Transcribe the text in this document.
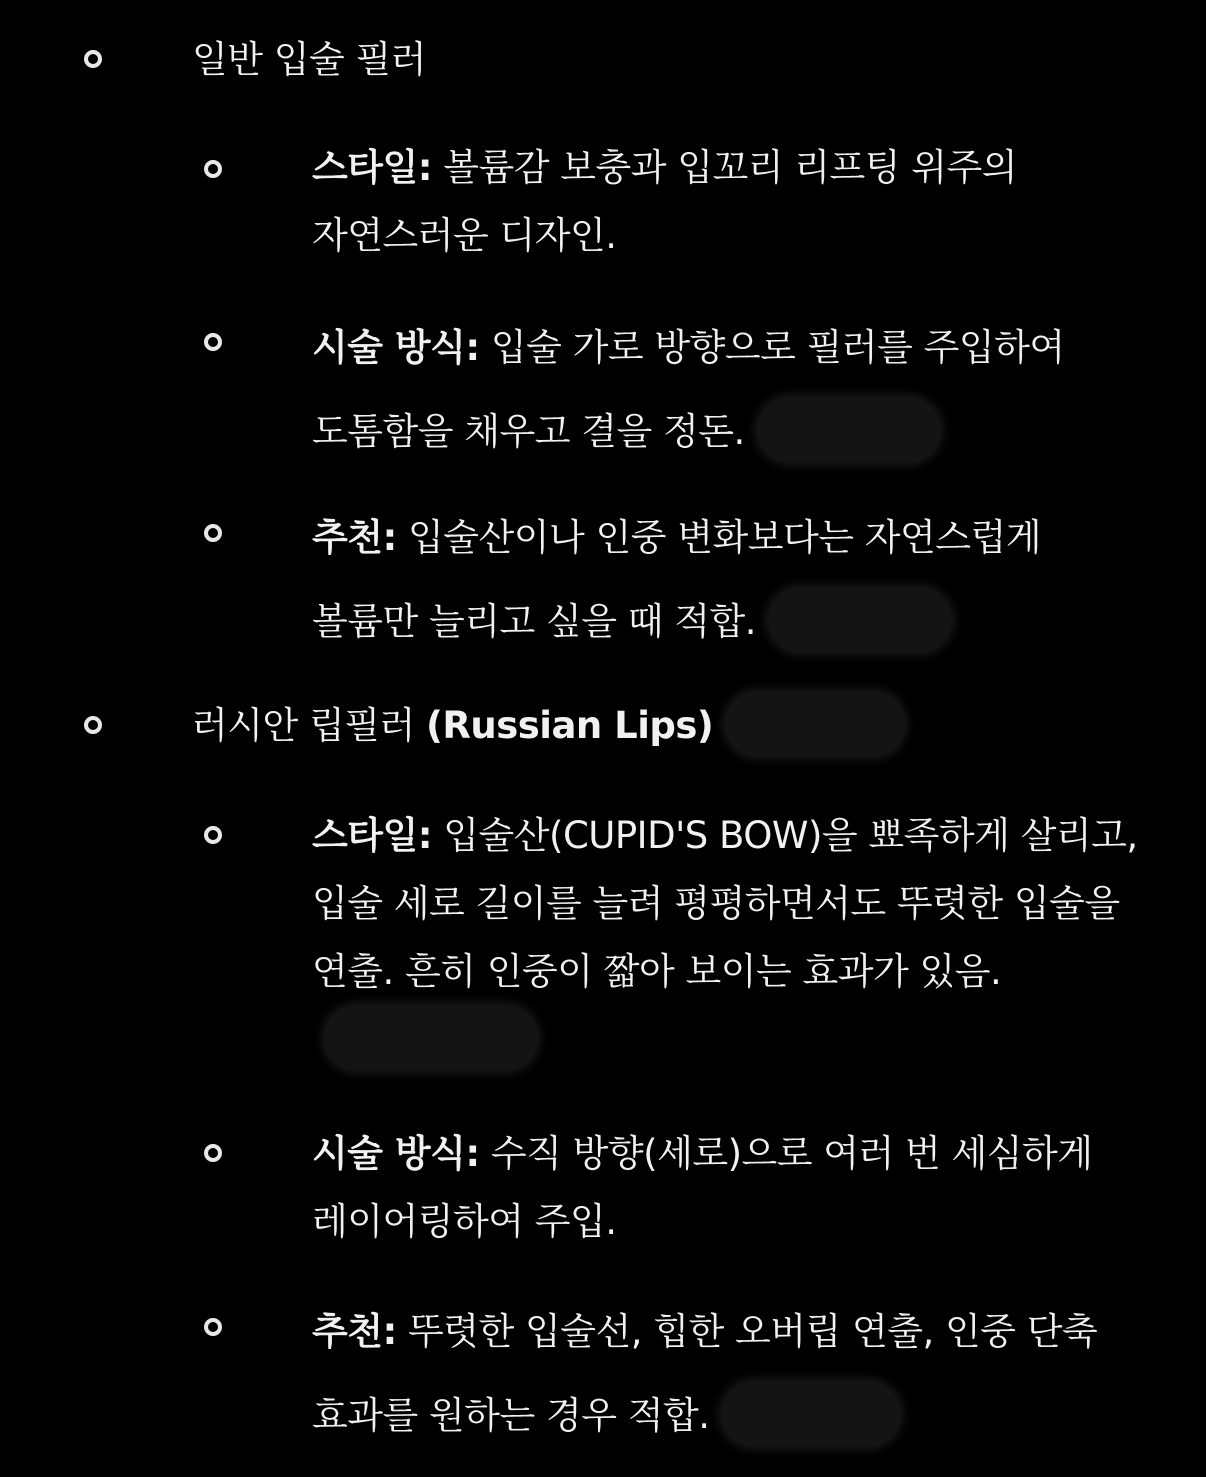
일반 입술 필러
스타일: 볼륨감 보충과 입꼬리 리프팅 위주의 자연스러운 디자인.
시술 방식: 입술 가로 방향으로 필러를 주입하여 도톰함을 채우고 결을 정돈.
추천: 입술산이나 인중 변화보다는 자연스럽게 볼륨만 늘리고 싶을 때 적합.
러시안 립필러 (Russian Lips)
스타일: 입술산(CUPID'S BOW)을 뾰족하게 살리고, 입술 세로 길이를 늘려 평평하면서도 뚜렷한 입술을 연출. 흔히 인중이 짧아 보이는 효과가 있음.
시술 방식: 수직 방향(세로)으로 여러 번 세심하게 레이어링하여 주입.
추천: 뚜렷한 입술선, 힙한 오버립 연출, 인중 단축 효과를 원하는 경우 적합.
